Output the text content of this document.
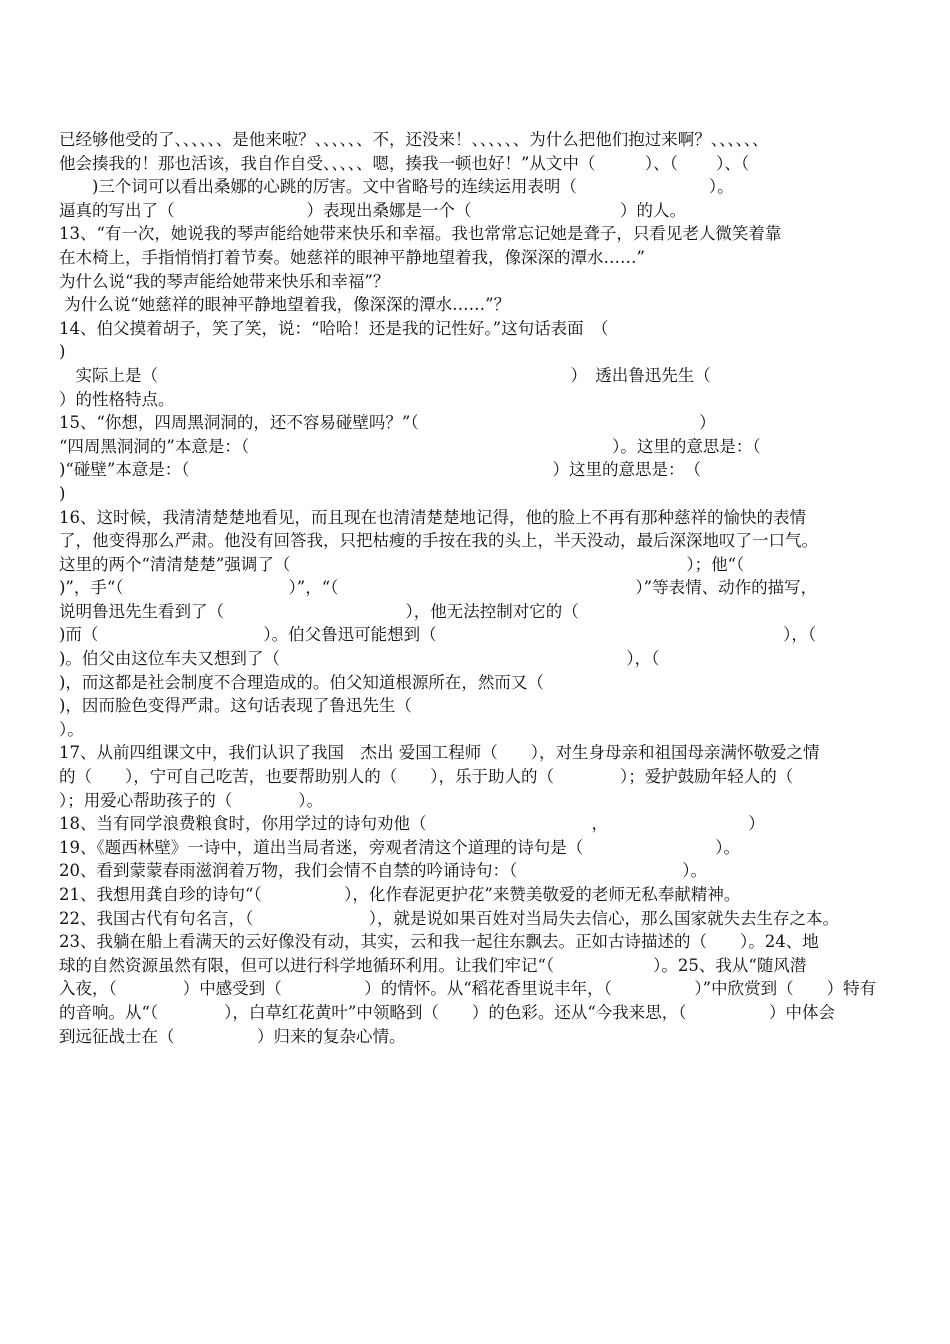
已经够他受的了、、、、、、是他来啦？、、、、、、不，还没来！、、、、、、为什么把他们抱过来啊？、、、、、、
他会揍我的！那也活该，我自作自受、、、、、嗯，揍我一顿也好！”从文中（　　　）、（　　 ）、（
　　)三个词可以看出桑娜的心跳的厉害。文中省略号的连续运用表明（　　　　　　　　）。
逼真的写出了（　　　　　　　　）表现出桑娜是一个（　　　　　　　　　）的人。
13、“有一次，她说我的琴声能给她带来快乐和幸福。我也常常忘记她是聋子，只看见老人微笑着靠
在木椅上，手指悄悄打着节奏。她慈祥的眼神平静地望着我，像深深的潭水……”
为什么说“我的琴声能给她带来快乐和幸福”？
为什么说“她慈祥的眼神平静地望着我，像深深的潭水……”？
14、伯父摸着胡子，笑了笑，说：“哈哈！还是我的记性好。”这句话表面　（
)
　实际上是（　　　　　　　　　　　　　　　　　　　　　　　　　）　透出鲁迅先生（
）的性格特点。
15、“你想，四周黑洞洞的，还不容易碰壁吗？”（　　　　　　　　　　　　　　　　　）
“四周黑洞洞的”本意是：（　　　　　　　　　　　　　　　　　　　　　　）。这里的意思是：（
)“碰壁”本意是：（　　　　　　　　　　　　　　　　　　　　　　）这里的意思是：　（
)
16、这时候，我清清楚楚地看见，而且现在也清清楚楚地记得，他的脸上不再有那种慈祥的愉快的表情
了，他变得那么严肃。他没有回答我，只把枯瘦的手按在我的头上，半天没动，最后深深地叹了一口气。
这里的两个“清清楚楚”强调了（　　　　　　　　　　　　　　　　　　　　　　　　）；他“（
)”，手“（　　　　　　　　　　）”，“（　　　　　　　　　　　　　　　　　　）”等表情、动作的描写，
说明鲁迅先生看到了（　　　　　　　　　　　），他无法控制对它的（
)而（　　　　　　　　　　）。伯父鲁迅可能想到（　　　　　　　　　　　　　　　　　　　　　），（
)。伯父由这位车夫又想到了（　　　　　　　　　　　　　　　　　　　　　），（
)，而这都是社会制度不合理造成的。伯父知道根源所在，然而又（
)，因而脸色变得严肃。这句话表现了鲁迅先生（
）。
17、从前四组课文中，我们认识了我国　杰出 爱国工程师（　　），对生身母亲和祖国母亲满怀敬爱之情
的（　　），宁可自己吃苦，也要帮助别人的（　　），乐于助人的（　　　　）；爱护鼓励年轻人的（
）；用爱心帮助孩子的（　　　　）。
18、当有同学浪费粮食时，你用学过的诗句劝他（　　　　　　　　　　，　　　　　　　　　）
19、《题西林壁》一诗中，道出当局者迷，旁观者清这个道理的诗句是（　　　　　　　　）。
20、看到蒙蒙春雨滋润着万物，我们会情不自禁的吟诵诗句：（　　　　　　　　　　）。
21、我想用龚自珍的诗句“（　　　　　），化作春泥更护花”来赞美敬爱的老师无私奉献精神。
22、我国古代有句名言，（　　　　　　　），就是说如果百姓对当局失去信心，那么国家就失去生存之本。
23、我躺在船上看满天的云好像没有动，其实，云和我一起往东飘去。正如古诗描述的（　　）。24、地
球的自然资源虽然有限，但可以进行科学地循环利用。让我们牢记“（　　　　　　）。25、我从“随风潜
入夜，（　　　　）中感受到（　　　　　）的情怀。从“稻花香里说丰年，（　　　　　）”中欣赏到（　　）特有
的音响。从“（　　　　），白草红花黄叶”中领略到（　　）的色彩。还从“今我来思，（　　　　　）中体会
到远征战士在（　　　　　）归来的复杂心情。
